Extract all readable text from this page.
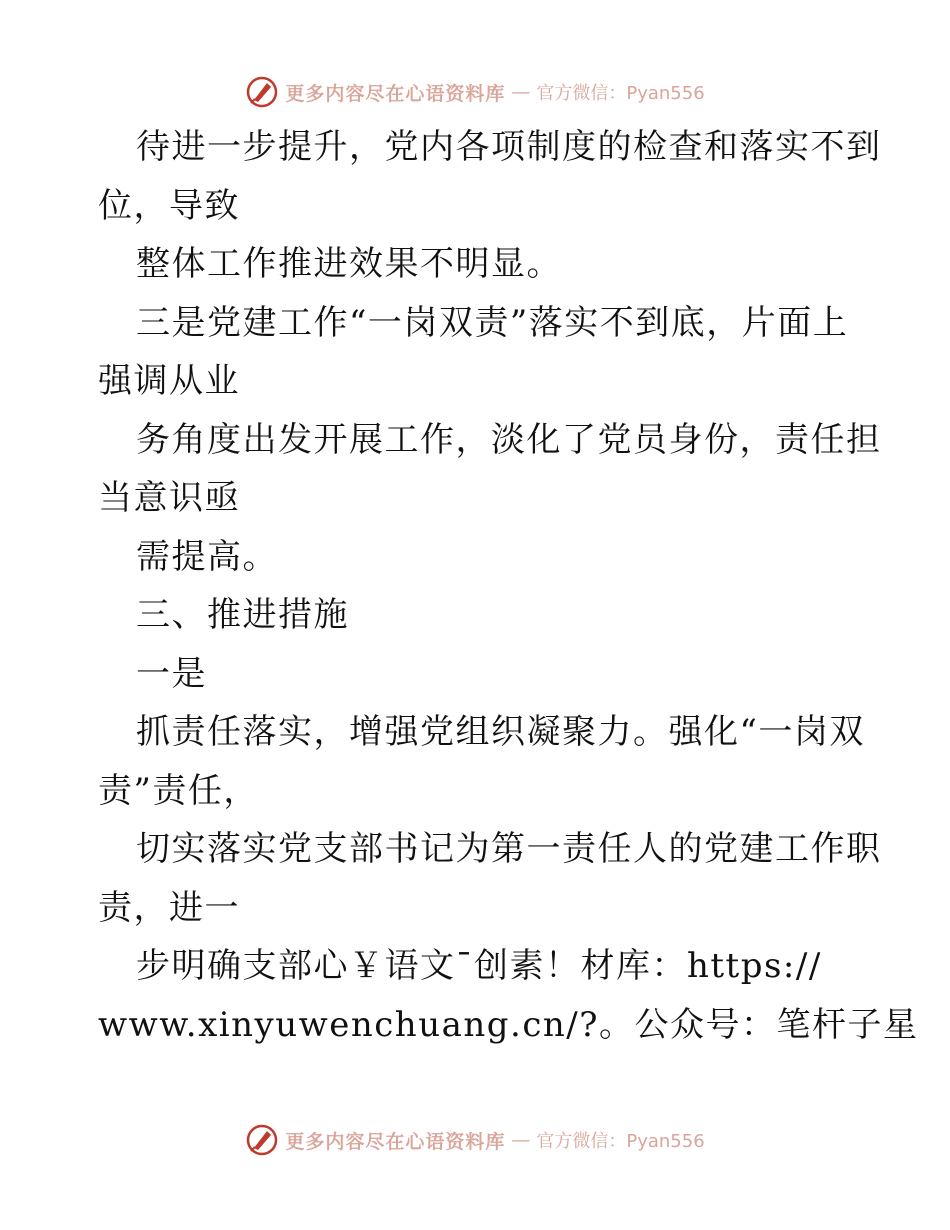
更多内容尽在心语资料库 — 官方微信：Pyan556
待进一步提升，党内各项制度的检查和落实不到
位，导致
整体工作推进效果不明显。
三是党建工作“一岗双责”落实不到底，片面上
强调从业
务角度出发开展工作，淡化了党员身份，责任担
当意识亟
需提高。
三、推进措施
一是
抓责任落实，增强党组织凝聚力。强化“一岗双
责”责任，
切实落实党支部书记为第一责任人的党建工作职
责，进一
步明确支部心￥语文¯创素！材库：https://
www.xinyuwenchuang.cn/?。公众号：笔杆子星
更多内容尽在心语资料库 — 官方微信：Pyan556
